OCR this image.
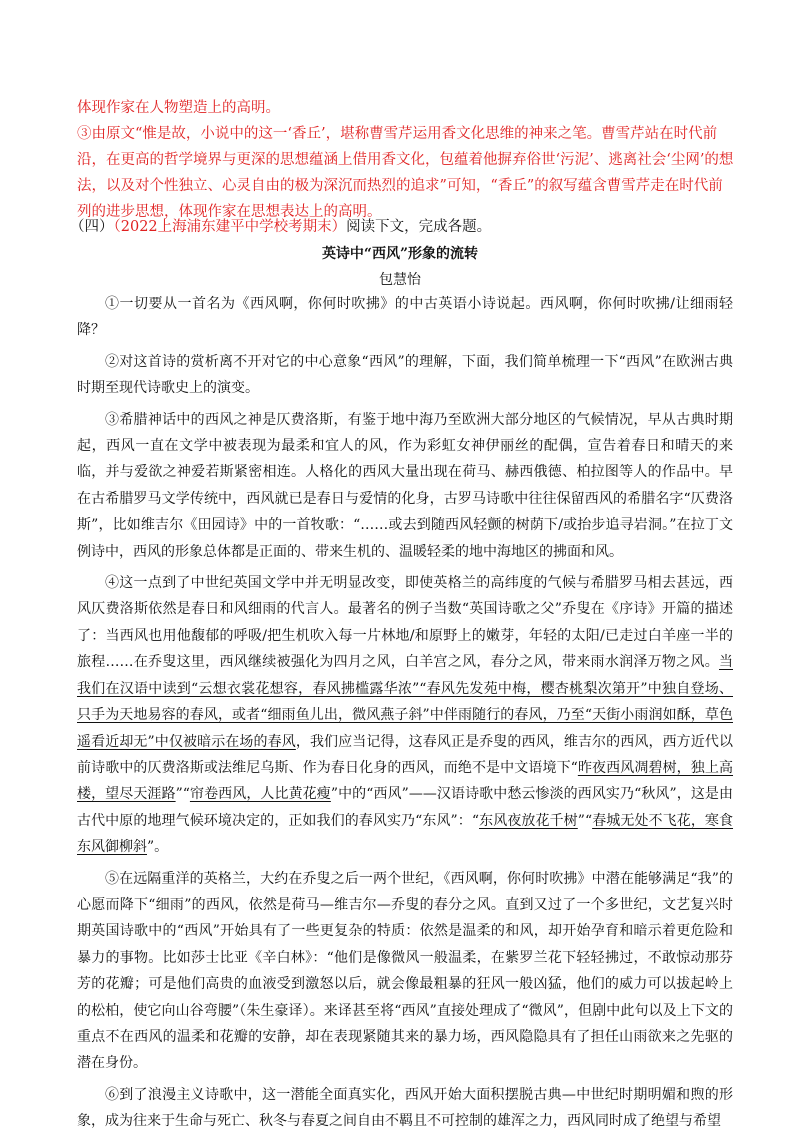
体现作家在人物塑造上的高明。

③由原文“惟是故，小说中的这一‘香丘’，堪称曹雪芹运用香文化思维的神来之笔。曹雪芹站在时代前沿，在更高的哲学境界与更深的思想蕴涵上借用香文化，包蕴着他摒弃俗世‘污泥’、逃离社会‘尘网’的想法，以及对个性独立、心灵自由的极为深沉而热烈的追求”可知，“香丘”的叙写蕴含曹雪芹走在时代前列的进步思想，体现作家在思想表达上的高明。

（四）（2022上海浦东建平中学校考期末）阅读下文，完成各题。
英诗中“西风”形象的流转
包慧怡

①一切要从一首名为《西风啊，你何时吹拂》的中古英语小诗说起。西风啊，你何时吹拂/让细雨轻降？

②对这首诗的赏析离不开对它的中心意象“西风”的理解，下面，我们简单梳理一下“西风”在欧洲古典时期至现代诗歌史上的演变。

③希腊神话中的西风之神是仄费洛斯，有鉴于地中海乃至欧洲大部分地区的气候情况，早从古典时期起，西风一直在文学中被表现为最柔和宜人的风，作为彩虹女神伊丽丝的配偶，宣告着春日和晴天的来临，并与爱欲之神爱若斯紧密相连。人格化的西风大量出现在荷马、赫西俄德、柏拉图等人的作品中。早在古希腊罗马文学传统中，西风就已是春日与爱情的化身，古罗马诗歌中往往保留西风的希腊名字“仄费洛斯”，比如维吉尔《田园诗》中的一首牧歌：“……或去到随西风轻颤的树荫下/或抬步追寻岩洞。”在拉丁文例诗中，西风的形象总体都是正面的、带来生机的、温暖轻柔的地中海地区的拂面和风。

④这一点到了中世纪英国文学中并无明显改变，即使英格兰的高纬度的气候与希腊罗马相去甚远，西风仄费洛斯依然是春日和风细雨的代言人。最著名的例子当数“英国诗歌之父”乔叟在《序诗》开篇的描述了：当西风也用他馥郁的呼吸/把生机吹入每一片林地/和原野上的嫩芽，年轻的太阳/已走过白羊座一半的旅程……在乔叟这里，西风继续被强化为四月之风，白羊宫之风，春分之风，带来雨水润泽万物之风。当我们在汉语中读到“云想衣裳花想容，春风拂槛露华浓”“春风先发苑中梅，樱杏桃梨次第开”中独自登场、只手为天地易容的春风，或者“细雨鱼儿出，微风燕子斜”中伴雨随行的春风，乃至“天街小雨润如酥，草色遥看近却无”中仅被暗示在场的春风，我们应当记得，这春风正是乔叟的西风，维吉尔的西风，西方近代以前诗歌中的仄费洛斯或法维尼乌斯、作为春日化身的西风，而绝不是中文语境下“昨夜西风凋碧树，独上高楼，望尽天涯路”“帘卷西风，人比黄花瘦”中的“西风”——汉语诗歌中愁云惨淡的西风实乃“秋风”，这是由古代中原的地理气候环境决定的，正如我们的春风实乃“东风”：“东风夜放花千树”“春城无处不飞花，寒食东风御柳斜”。

⑤在远隔重洋的英格兰，大约在乔叟之后一两个世纪，《西风啊，你何时吹拂》中潜在能够满足“我”的心愿而降下“细雨”的西风，依然是荷马—维吉尔—乔叟的春分之风。直到又过了一个多世纪，文艺复兴时期英国诗歌中的“西风”开始具有了一些更复杂的特质：依然是温柔的和风，却开始孕育和暗示着更危险和暴力的事物。比如莎士比亚《辛白林》：“他们是像微风一般温柔，在紫罗兰花下轻轻拂过，不敢惊动那芬芳的花瓣；可是他们高贵的血液受到激怒以后，就会像最粗暴的狂风一般凶猛，他们的威力可以拔起岭上的松柏，使它向山谷弯腰”（朱生豪译）。来译甚至将“西风”直接处理成了“微风”，但剧中此句以及上下文的重点不在西风的温柔和花瓣的安静，却在表现紧随其来的暴力场，西风隐隐具有了担任山雨欲来之先驱的潜在身份。

⑥到了浪漫主义诗歌中，这一潜能全面真实化，西风开始大面积摆脱古典—中世纪时期明媚和煦的形象，成为往来于生命与死亡、秋冬与春夏之间自由不羁且不可控制的雄浑之力，西风同时成了绝望与希望
